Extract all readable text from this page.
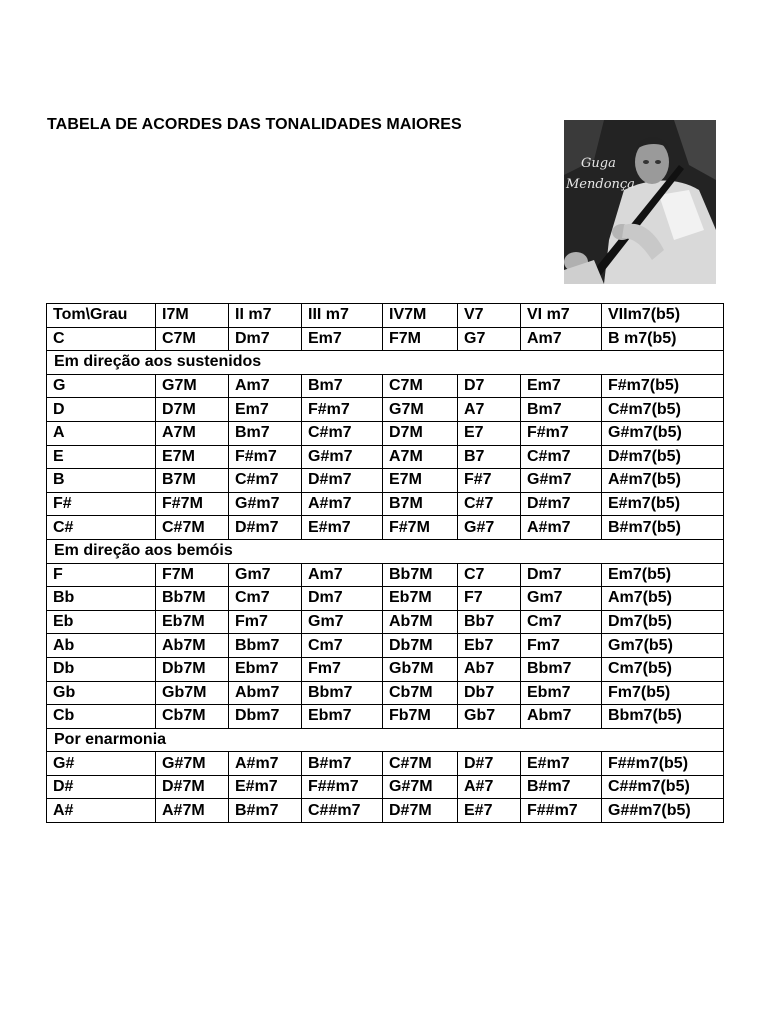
TABELA DE ACORDES DAS TONALIDADES MAIORES
Guga
Mendonça
Tom\Grau	I7M	II m7	III m7	IV7M	V7	VI m7	VIIm7(b5)
C	C7M	Dm7	Em7	F7M	G7	Am7	B m7(b5)
Em direção aos sustenidos							
G	G7M	Am7	Bm7	C7M	D7	Em7	F#m7(b5)
D	D7M	Em7	F#m7	G7M	A7	Bm7	C#m7(b5)
A	A7M	Bm7	C#m7	D7M	E7	F#m7	G#m7(b5)
E	E7M	F#m7	G#m7	A7M	B7	C#m7	D#m7(b5)
B	B7M	C#m7	D#m7	E7M	F#7	G#m7	A#m7(b5)
F#	F#7M	G#m7	A#m7	B7M	C#7	D#m7	E#m7(b5)
C#	C#7M	D#m7	E#m7	F#7M	G#7	A#m7	B#m7(b5)
Em direção aos bemóis							
F	F7M	Gm7	Am7	Bb7M	C7	Dm7	Em7(b5)
Bb	Bb7M	Cm7	Dm7	Eb7M	F7	Gm7	Am7(b5)
Eb	Eb7M	Fm7	Gm7	Ab7M	Bb7	Cm7	Dm7(b5)
Ab	Ab7M	Bbm7	Cm7	Db7M	Eb7	Fm7	Gm7(b5)
Db	Db7M	Ebm7	Fm7	Gb7M	Ab7	Bbm7	Cm7(b5)
Gb	Gb7M	Abm7	Bbm7	Cb7M	Db7	Ebm7	Fm7(b5)
Cb	Cb7M	Dbm7	Ebm7	Fb7M	Gb7	Abm7	Bbm7(b5)
Por enarmonia							
G#	G#7M	A#m7	B#m7	C#7M	D#7	E#m7	F##m7(b5)
D#	D#7M	E#m7	F##m7	G#7M	A#7	B#m7	C##m7(b5)
A#	A#7M	B#m7	C##m7	D#7M	E#7	F##m7	G##m7(b5)
